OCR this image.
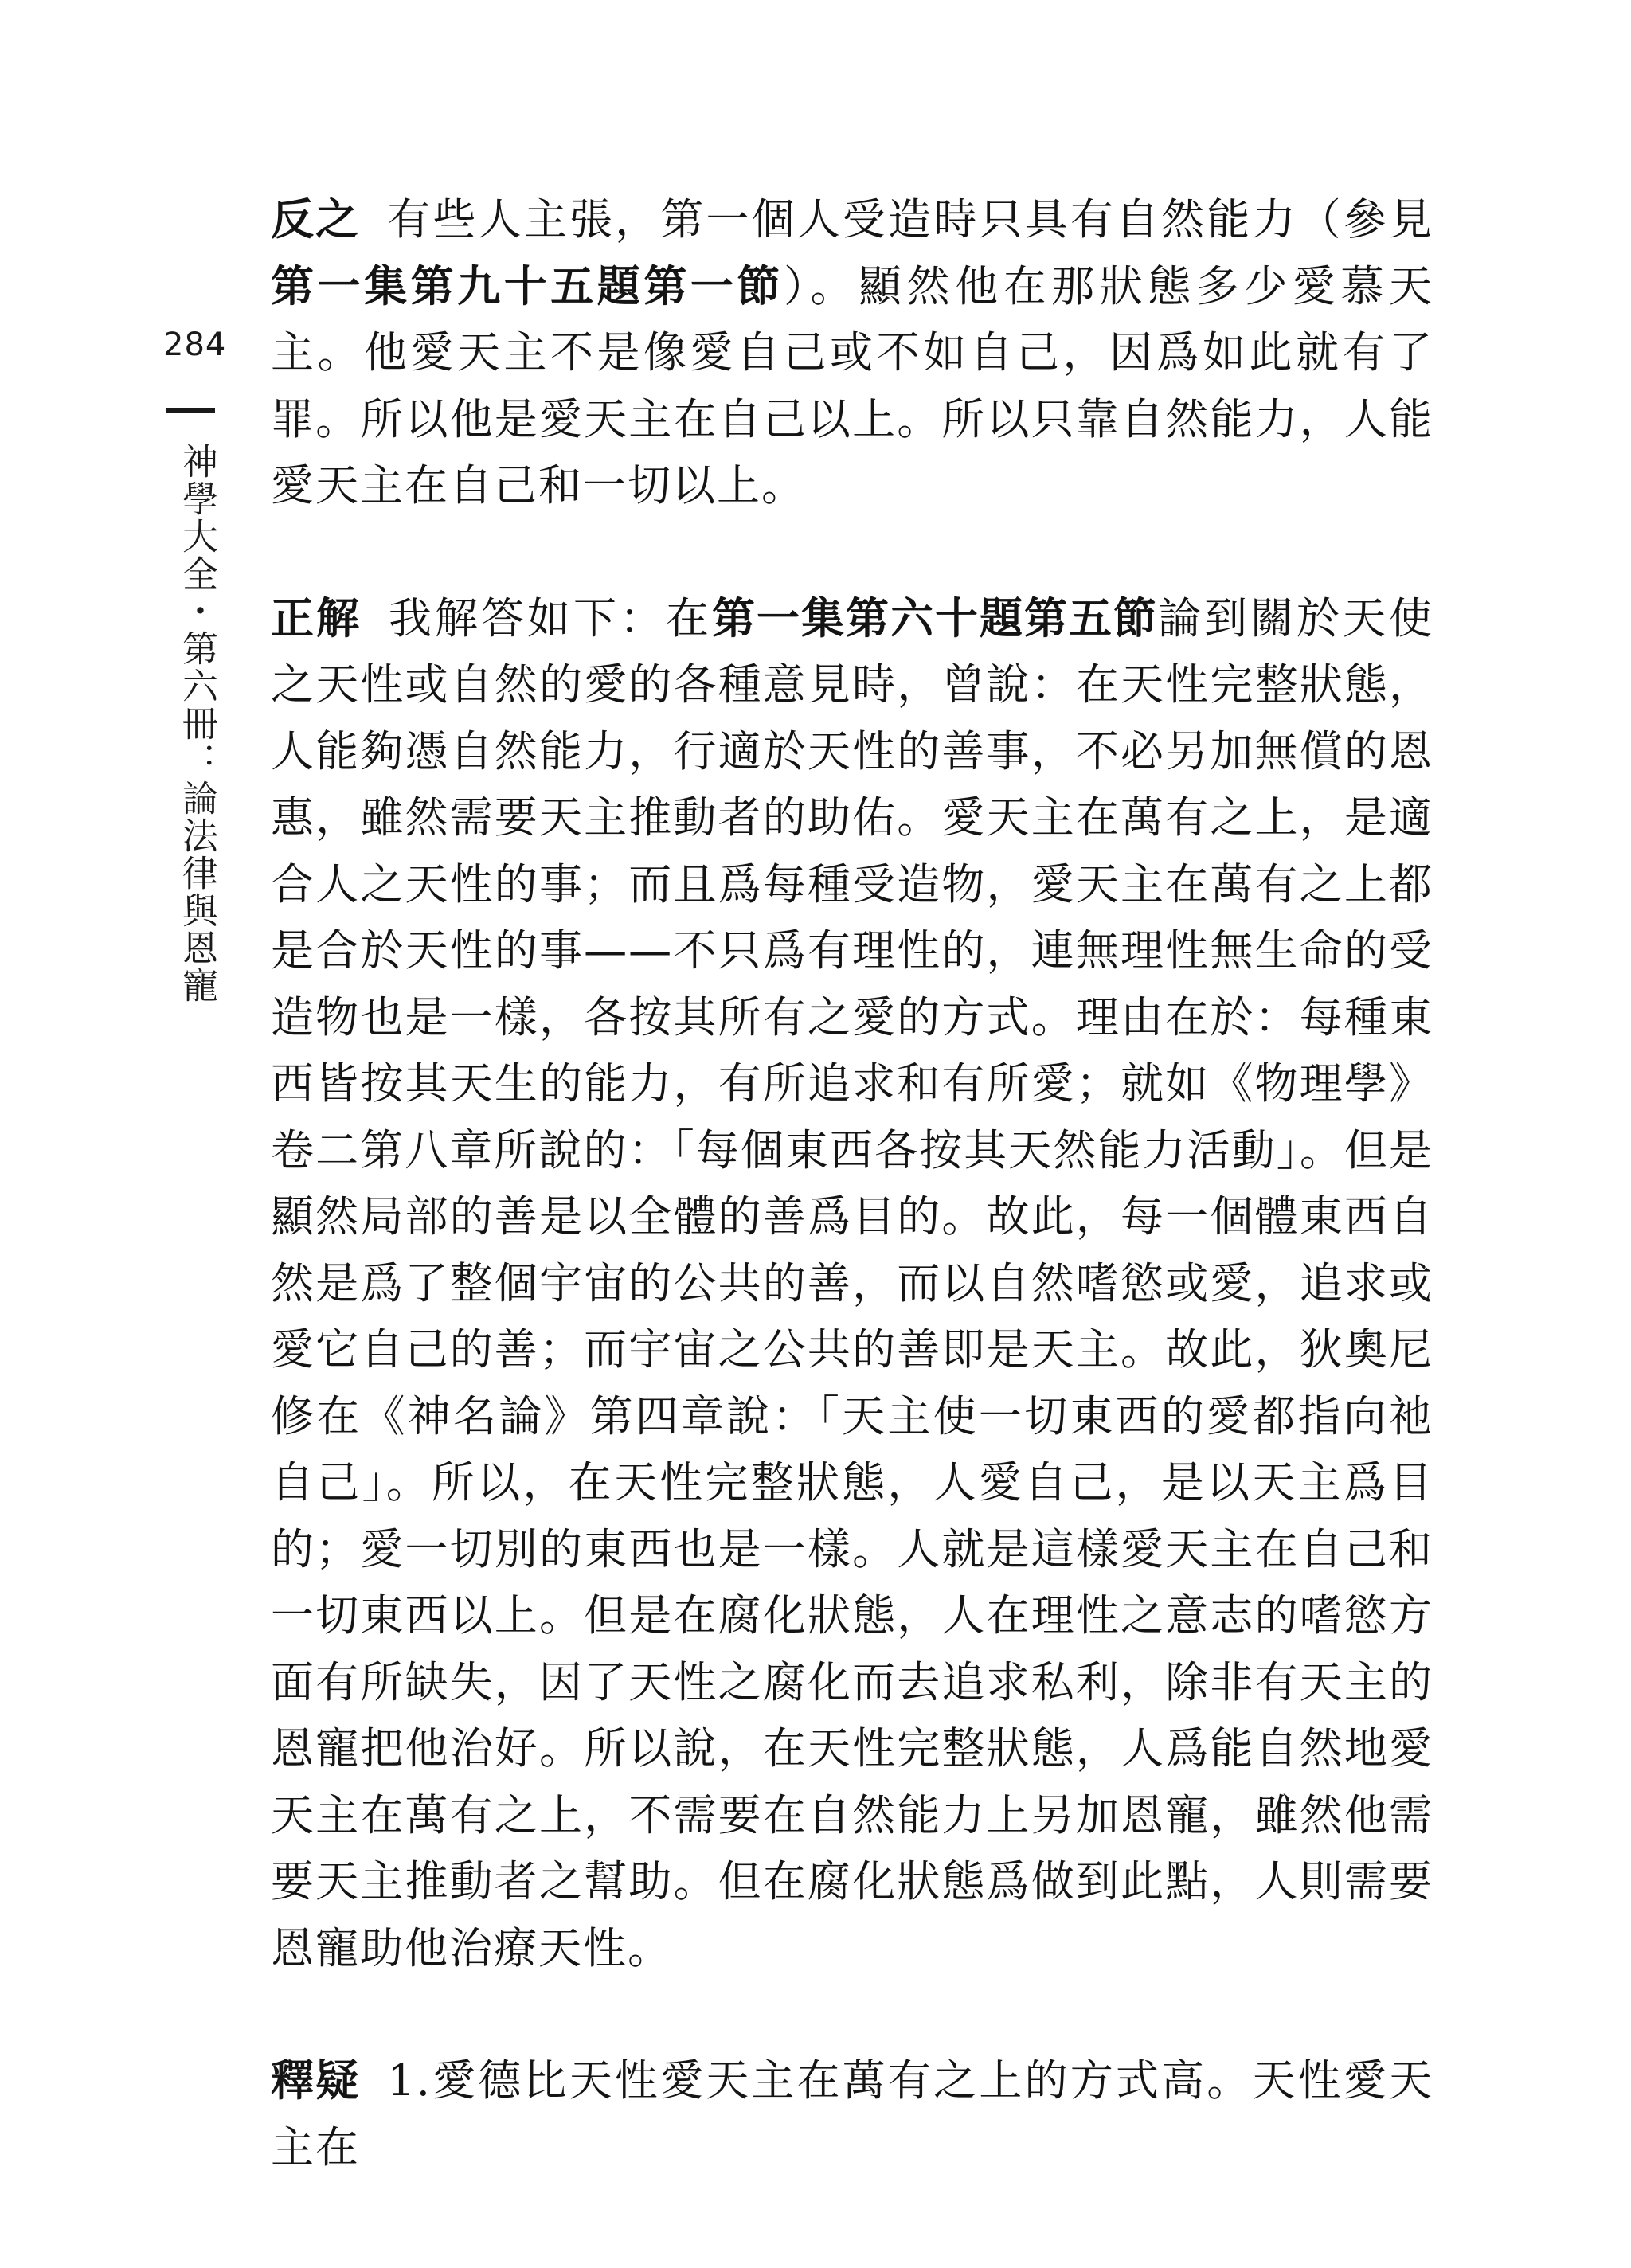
284
神學大全・第六冊：論法律與恩寵

反之 有些人主張，第一個人受造時只具有自然能力（參見第一集第九十五題第一節）。顯然他在那狀態多少愛慕天主。他愛天主不是像愛自己或不如自己，因爲如此就有了罪。所以他是愛天主在自己以上。所以只靠自然能力，人能愛天主在自己和一切以上。

正解 我解答如下：在第一集第六十題第五節論到關於天使之天性或自然的愛的各種意見時，曾說：在天性完整狀態，人能夠憑自然能力，行適於天性的善事，不必另加無償的恩惠，雖然需要天主推動者的助佑。愛天主在萬有之上，是適合人之天性的事；而且爲每種受造物，愛天主在萬有之上都是合於天性的事——不只爲有理性的，連無理性無生命的受造物也是一樣，各按其所有之愛的方式。理由在於：每種東西皆按其天生的能力，有所追求和有所愛；就如《物理學》卷二第八章所說的：「每個東西各按其天然能力活動」。但是顯然局部的善是以全體的善爲目的。故此，每一個體東西自然是爲了整個宇宙的公共的善，而以自然嗜慾或愛，追求或愛它自己的善；而宇宙之公共的善即是天主。故此，狄奧尼修在《神名論》第四章說：「天主使一切東西的愛都指向祂自己」。所以，在天性完整狀態，人愛自己，是以天主爲目的；愛一切別的東西也是一樣。人就是這樣愛天主在自己和一切東西以上。但是在腐化狀態，人在理性之意志的嗜慾方面有所缺失，因了天性之腐化而去追求私利，除非有天主的恩寵把他治好。所以說，在天性完整狀態，人爲能自然地愛天主在萬有之上，不需要在自然能力上另加恩寵，雖然他需要天主推動者之幫助。但在腐化狀態爲做到此點，人則需要恩寵助他治療天性。

釋疑 1.愛德比天性愛天主在萬有之上的方式高。天性愛天主在
